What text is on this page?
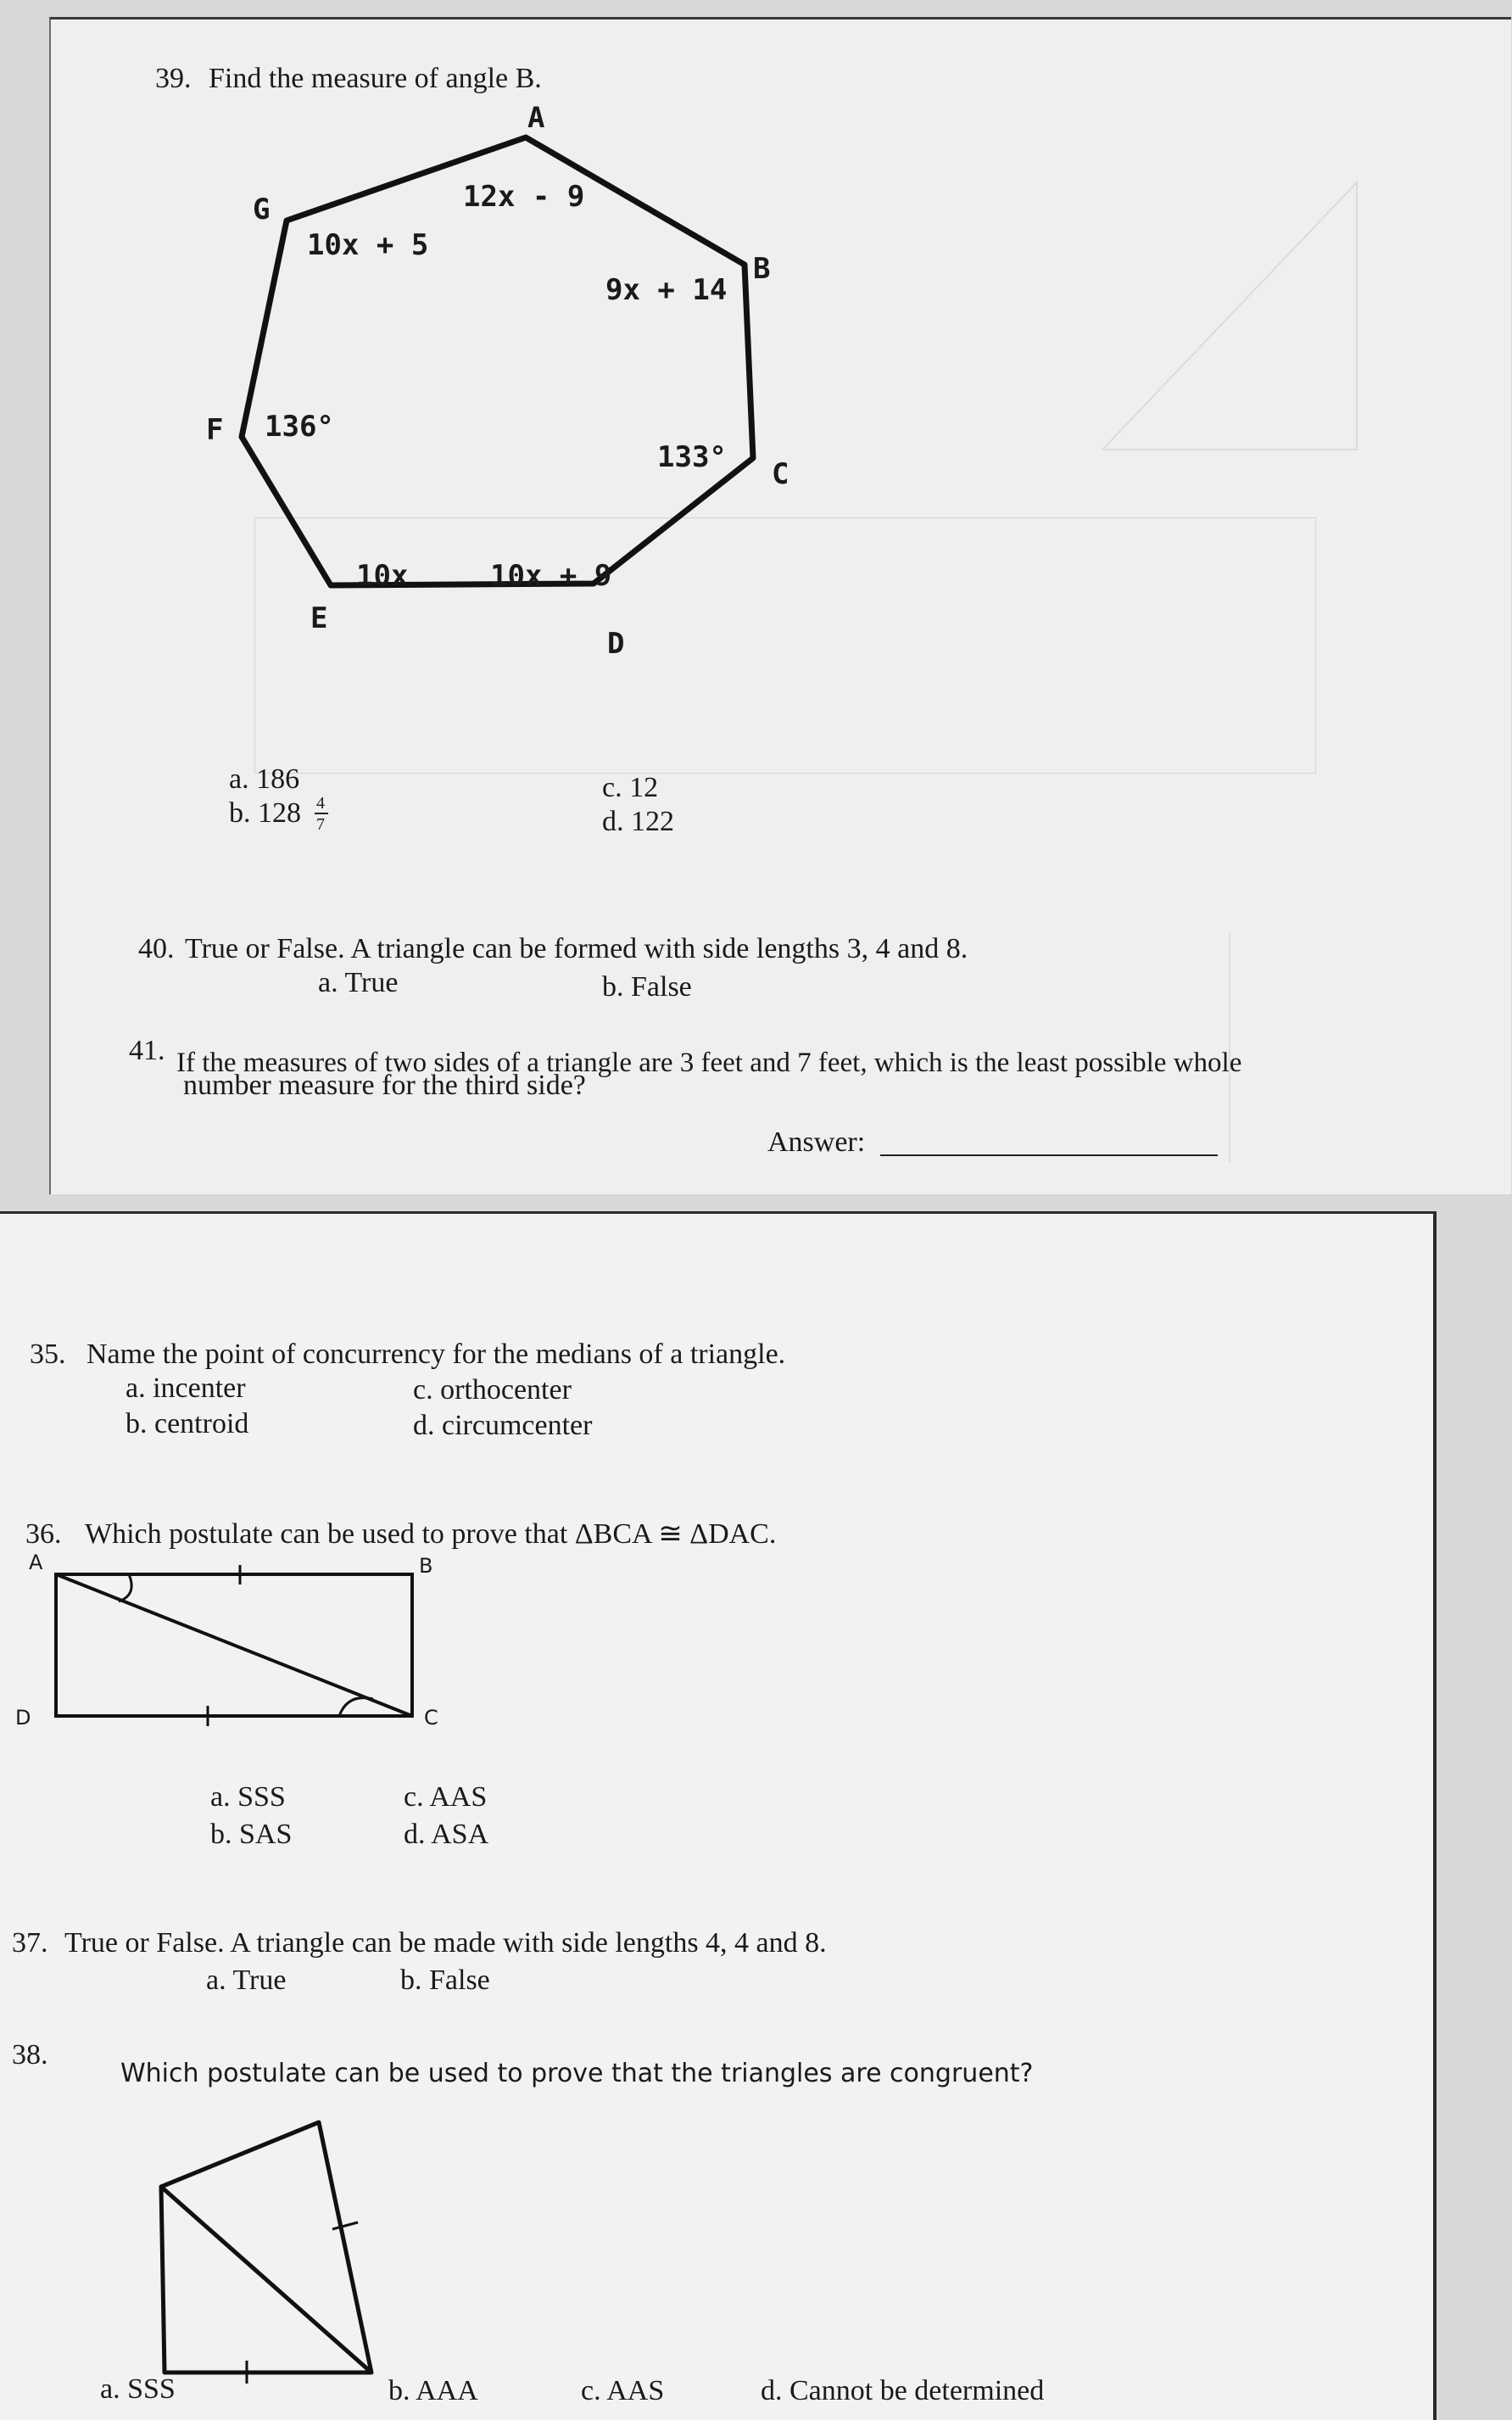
39. Find the measure of angle B.
A
B
C
D
E
F
G
10x + 5
12x - 9
9x + 14
136°
133°
10x	10x + 9
a. 186
b. 128 4
7
c. 12
d. 122
40. True or False. A triangle can be formed with side lengths 3, 4 and 8.
a. True	b. False
41. If the measures of two sides of a triangle are 3 feet and 7 feet, which is the least possible whole
number measure for the third side?
Answer:
35. Name the point of concurrency for the medians of a triangle.
a. incenter
b. centroid
c. orthocenter
d. circumcenter
36. Which postulate can be used to prove that ΔBCA ≅ ΔDAC.
A	B
C
D
a. SSS
b. SAS
c. AAS
d. ASA
37. True or False. A triangle can be made with side lengths 4, 4 and 8.
a. True	b. False
38.
Which postulate can be used to prove that the triangles are congruent?
a. SSS	b. AAA	c. AAS	d. Cannot be determined
